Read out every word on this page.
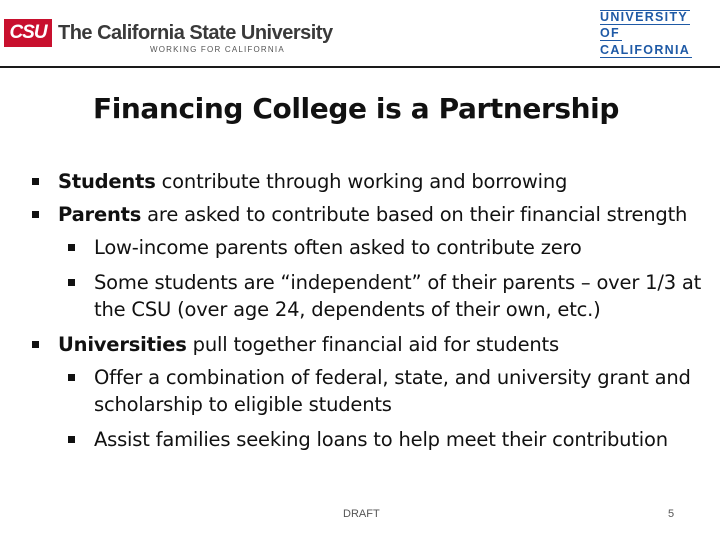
CSU The California State University
WORKING FOR CALIFORNIA
UNIVERSITY
OF
CALIFORNIA
Financing College is a Partnership
Students contribute through working and borrowing
Parents are asked to contribute based on their financial strength
Low-income parents often asked to contribute zero
Some students are “independent” of their parents – over 1/3 at the CSU (over age 24, dependents of their own, etc.)
Universities pull together financial aid for students
Offer a combination of federal, state, and university grant and scholarship to eligible students
Assist families seeking loans to help meet their contribution
DRAFT	5
